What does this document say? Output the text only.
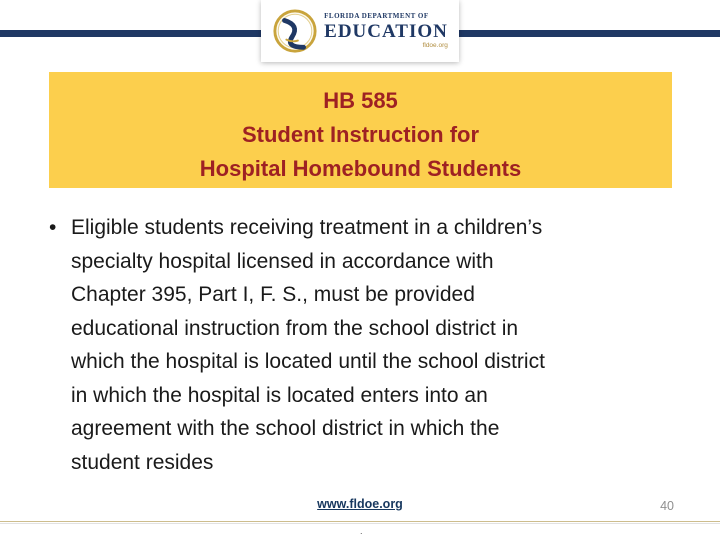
FLORIDA DEPARTMENT OF
EDUCATION
fldoe.org
HB 585
Student Instruction for
Hospital Homebound Students
• Eligible students receiving treatment in a children’s
specialty hospital licensed in accordance with
Chapter 395, Part I, F. S., must be provided
educational instruction from the school district in
which the hospital is located until the school district
in which the hospital is located enters into an
agreement with the school district in which the
student resides
www.fldoe.org	40
.
